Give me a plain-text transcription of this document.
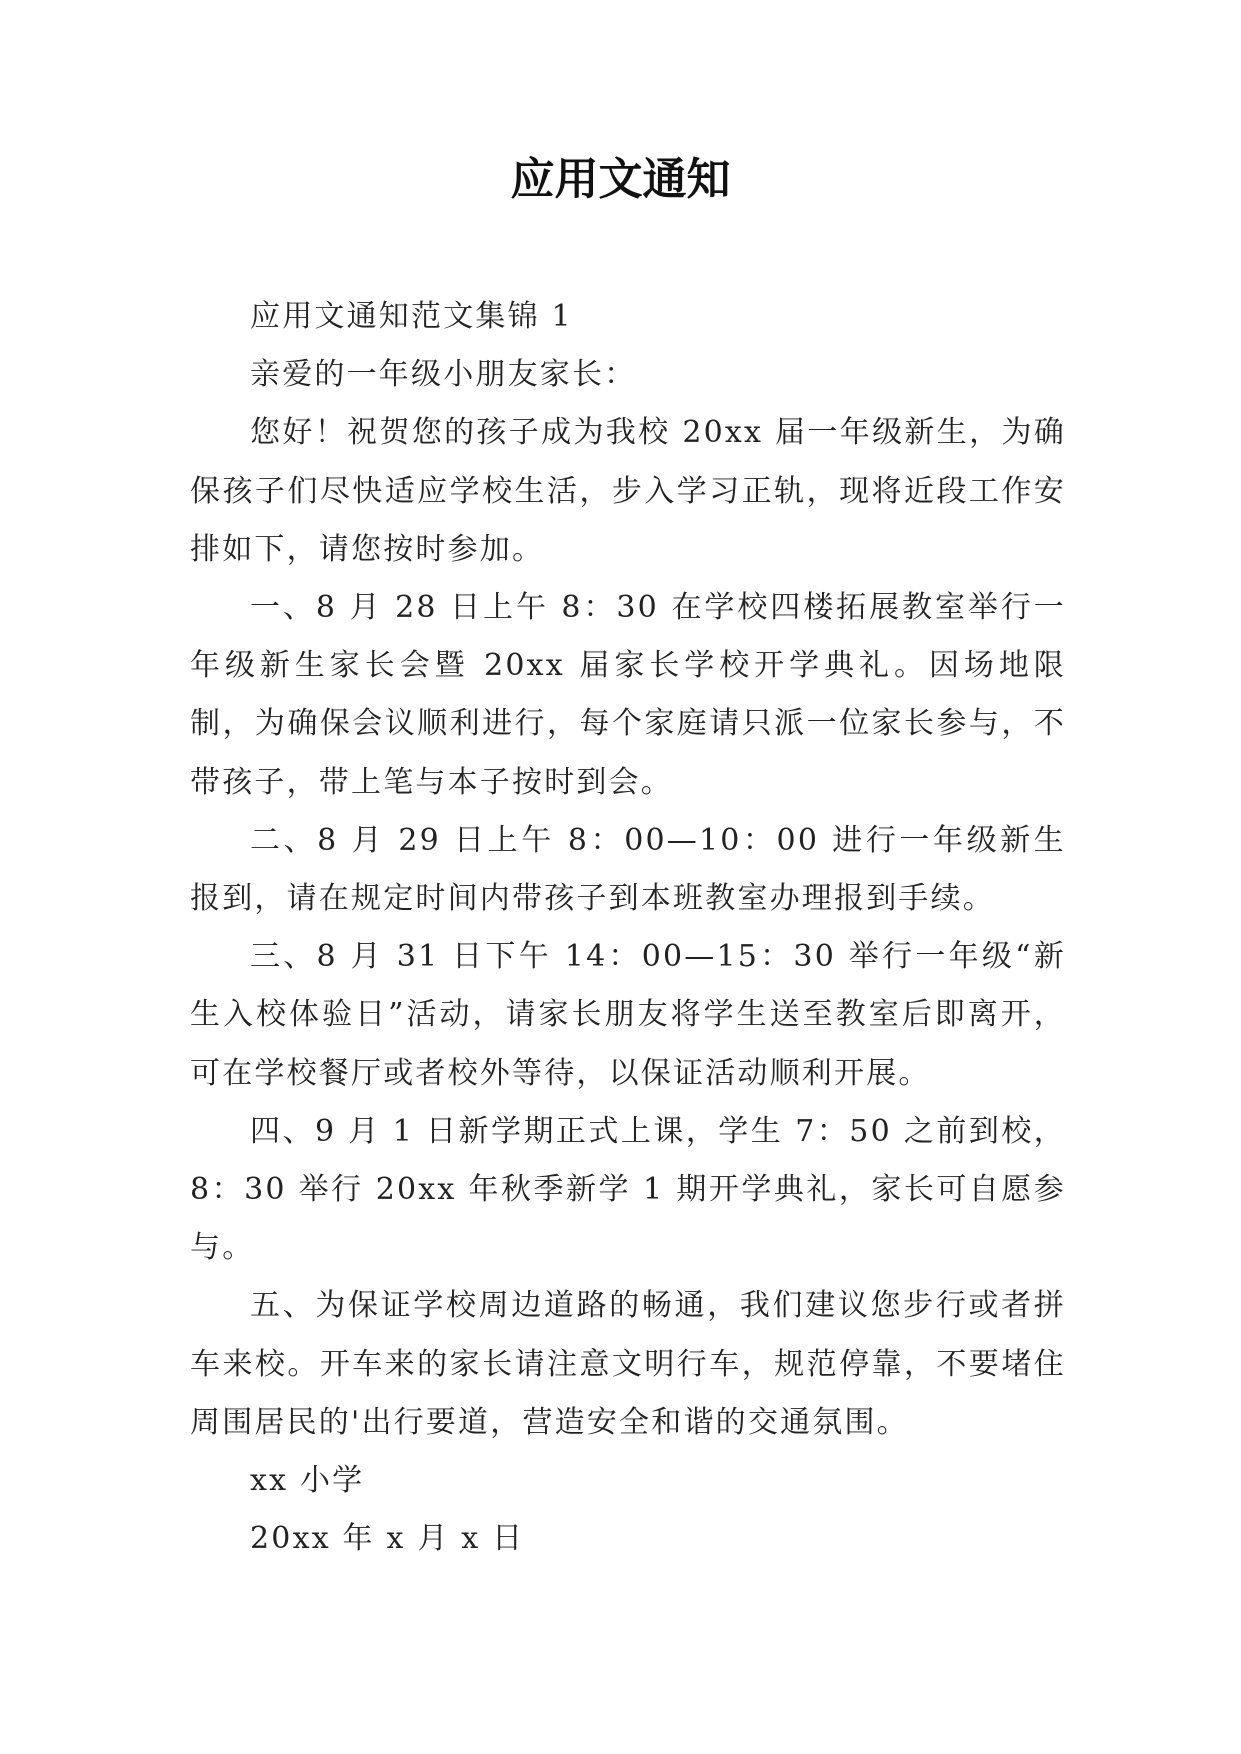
应用文通知

应用文通知范文集锦 1

亲爱的一年级小朋友家长：

您好！祝贺您的孩子成为我校 20xx 届一年级新生，为确保孩子们尽快适应学校生活，步入学习正轨，现将近段工作安排如下，请您按时参加。

一、8 月 28 日上午 8：30 在学校四楼拓展教室举行一年级新生家长会暨 20xx 届家长学校开学典礼。因场地限制，为确保会议顺利进行，每个家庭请只派一位家长参与，不带孩子，带上笔与本子按时到会。

二、8 月 29 日上午 8：00—10：00 进行一年级新生报到，请在规定时间内带孩子到本班教室办理报到手续。

三、8 月 31 日下午 14：00—15：30 举行一年级“新生入校体验日”活动，请家长朋友将学生送至教室后即离开，可在学校餐厅或者校外等待，以保证活动顺利开展。

四、9 月 1 日新学期正式上课，学生 7：50 之前到校，8：30 举行 20xx 年秋季新学 1 期开学典礼，家长可自愿参与。

五、为保证学校周边道路的畅通，我们建议您步行或者拼车来校。开车来的家长请注意文明行车，规范停靠，不要堵住周围居民的'出行要道，营造安全和谐的交通氛围。

xx 小学

20xx 年 x 月 x 日
